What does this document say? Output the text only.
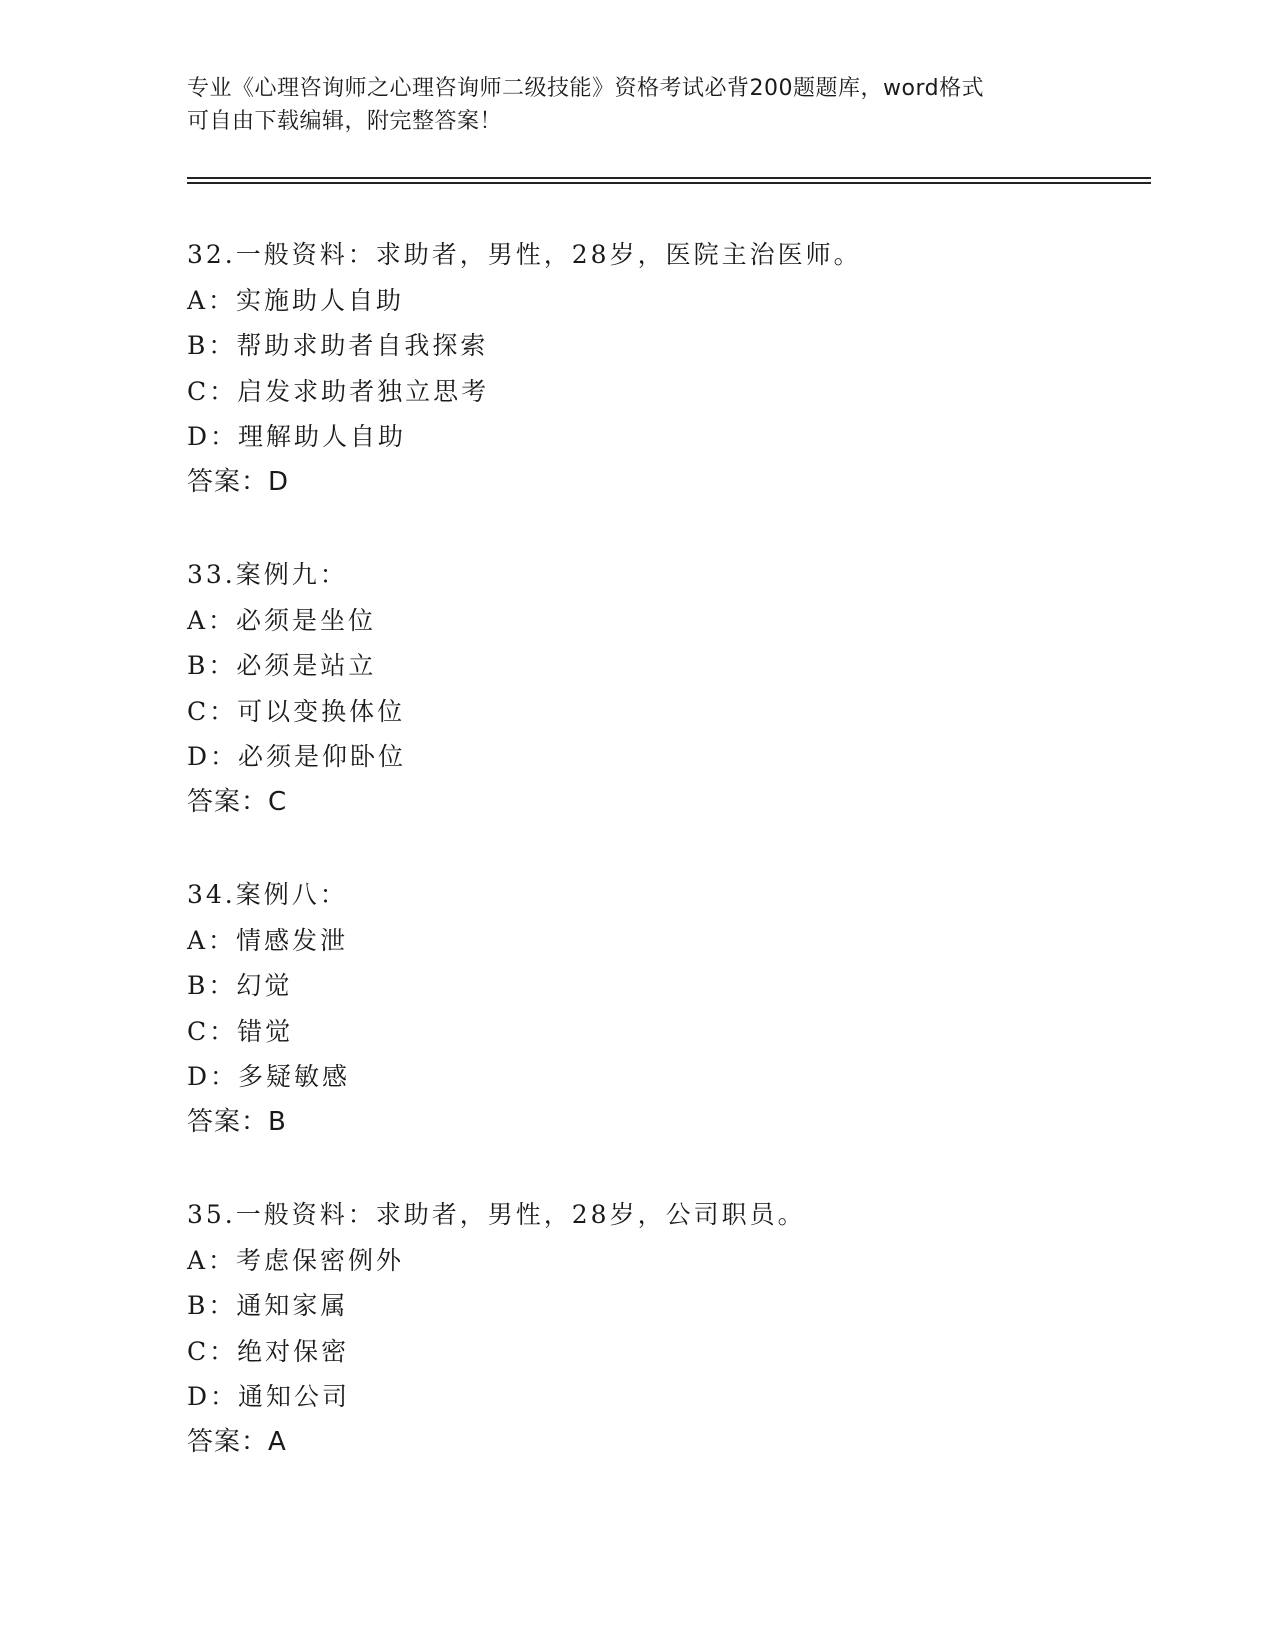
专业《心理咨询师之心理咨询师二级技能》资格考试必背200题题库，word格式
可自由下载编辑，附完整答案！
32.一般资料：求助者，男性，28岁，医院主治医师。
A：实施助人自助
B：帮助求助者自我探索
C：启发求助者独立思考
D：理解助人自助
答案：D
33.案例九：
A：必须是坐位
B：必须是站立
C：可以变换体位
D：必须是仰卧位
答案：C
34.案例八：
A：情感发泄
B：幻觉
C：错觉
D：多疑敏感
答案：B
35.一般资料：求助者，男性，28岁，公司职员。
A：考虑保密例外
B：通知家属
C：绝对保密
D：通知公司
答案：A
